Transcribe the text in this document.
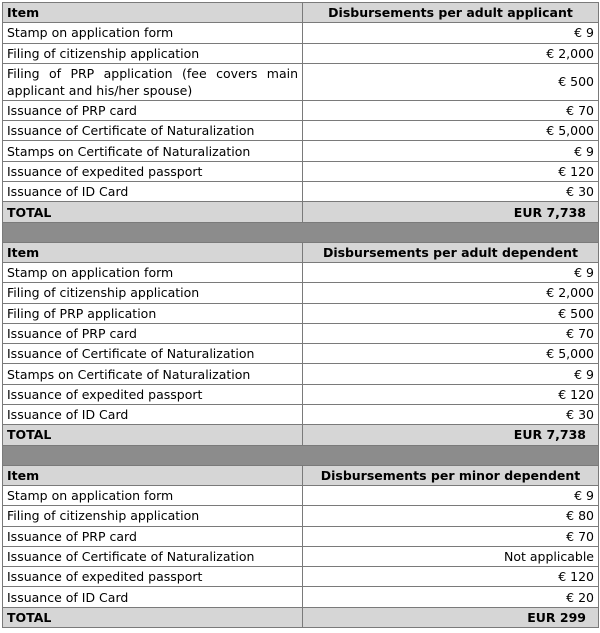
Item	Disbursements per adult applicant
Stamp on application form	€ 9
Filing of citizenship application	€ 2,000
Filing of PRP application (fee covers main applicant and his/her spouse)	€ 500
Issuance of PRP card	€ 70
Issuance of Certificate of Naturalization	€ 5,000
Stamps on Certificate of Naturalization	€ 9
Issuance of expedited passport	€ 120
Issuance of ID Card	€ 30
TOTAL	EUR 7,738

Item	Disbursements per adult dependent
Stamp on application form	€ 9
Filing of citizenship application	€ 2,000
Filing of PRP application	€ 500
Issuance of PRP card	€ 70
Issuance of Certificate of Naturalization	€ 5,000
Stamps on Certificate of Naturalization	€ 9
Issuance of expedited passport	€ 120
Issuance of ID Card	€ 30
TOTAL	EUR 7,738

Item	Disbursements per minor dependent
Stamp on application form	€ 9
Filing of citizenship application	€ 80
Issuance of PRP card	€ 70
Issuance of Certificate of Naturalization	Not applicable
Issuance of expedited passport	€ 120
Issuance of ID Card	€ 20
TOTAL	EUR 299
